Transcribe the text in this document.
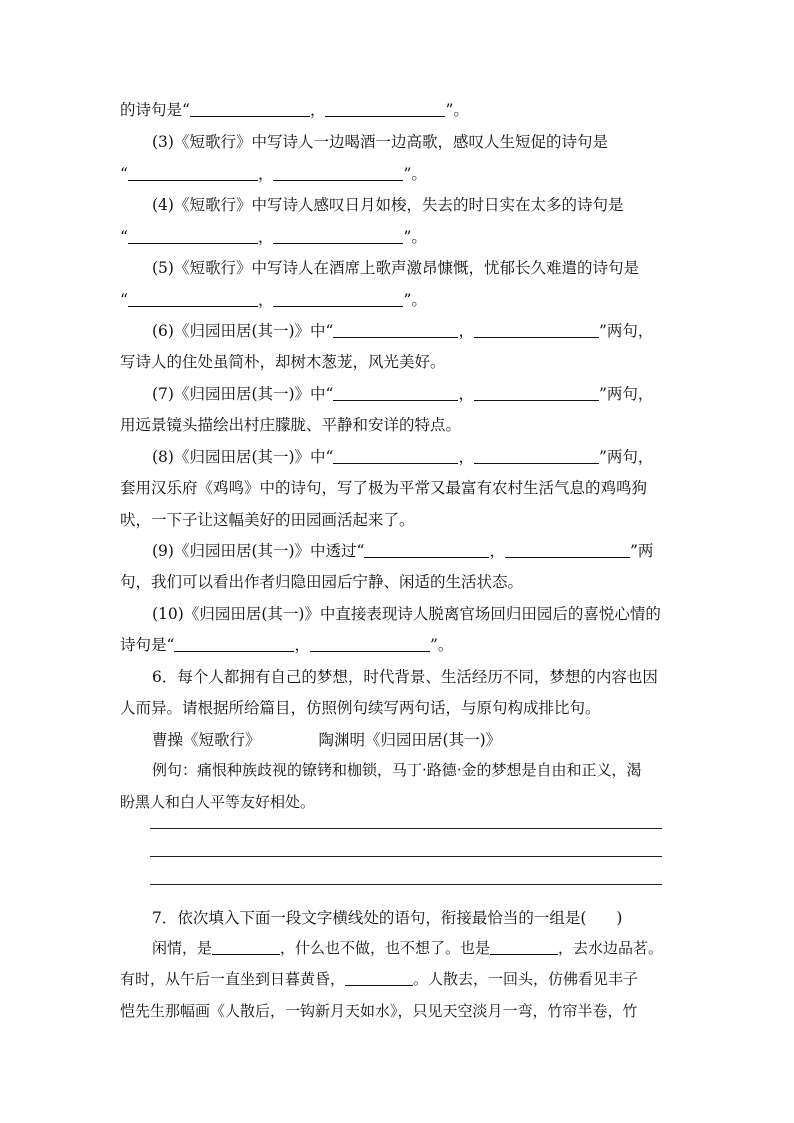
的诗句是“	，	”。
(3)《短歌行》中写诗人一边喝酒一边高歌，感叹人生短促的诗句是
“	，	”。
(4)《短歌行》中写诗人感叹日月如梭，失去的时日实在太多的诗句是
“	，	”。
(5)《短歌行》中写诗人在酒席上歌声激昂慷慨，忧郁长久难遣的诗句是
“	，	”。
(6)《归园田居(其一)》中“	，	”两句，
写诗人的住处虽简朴，却树木葱茏，风光美好。
(7)《归园田居(其一)》中“	，	”两句，
用远景镜头描绘出村庄朦胧、平静和安详的特点。
(8)《归园田居(其一)》中“	，	”两句，
套用汉乐府《鸡鸣》中的诗句，写了极为平常又最富有农村生活气息的鸡鸣狗
吠，一下子让这幅美好的田园画活起来了。
(9)《归园田居(其一)》中透过“	，	”两
句，我们可以看出作者归隐田园后宁静、闲适的生活状态。
(10)《归园田居(其一)》中直接表现诗人脱离官场回归田园后的喜悦心情的
诗句是“	，	”。
6．每个人都拥有自己的梦想，时代背景、生活经历不同，梦想的内容也因
人而异。请根据所给篇目，仿照例句续写两句话，与原句构成排比句。
曹操《短歌行》	陶渊明《归园田居(其一)》
例句：痛恨种族歧视的镣铐和枷锁，马丁·路德·金的梦想是自由和正义，渴
盼黑人和白人平等友好相处。
7．依次填入下面一段文字横线处的语句，衔接最恰当的一组是( )
闲情，是	，什么也不做，也不想了。也是	，去水边品茗。
有时，从午后一直坐到日暮黄昏，	。人散去，一回头，仿佛看见丰子
恺先生那幅画《人散后，一钩新月天如水》，只见天空淡月一弯，竹帘半卷，竹
